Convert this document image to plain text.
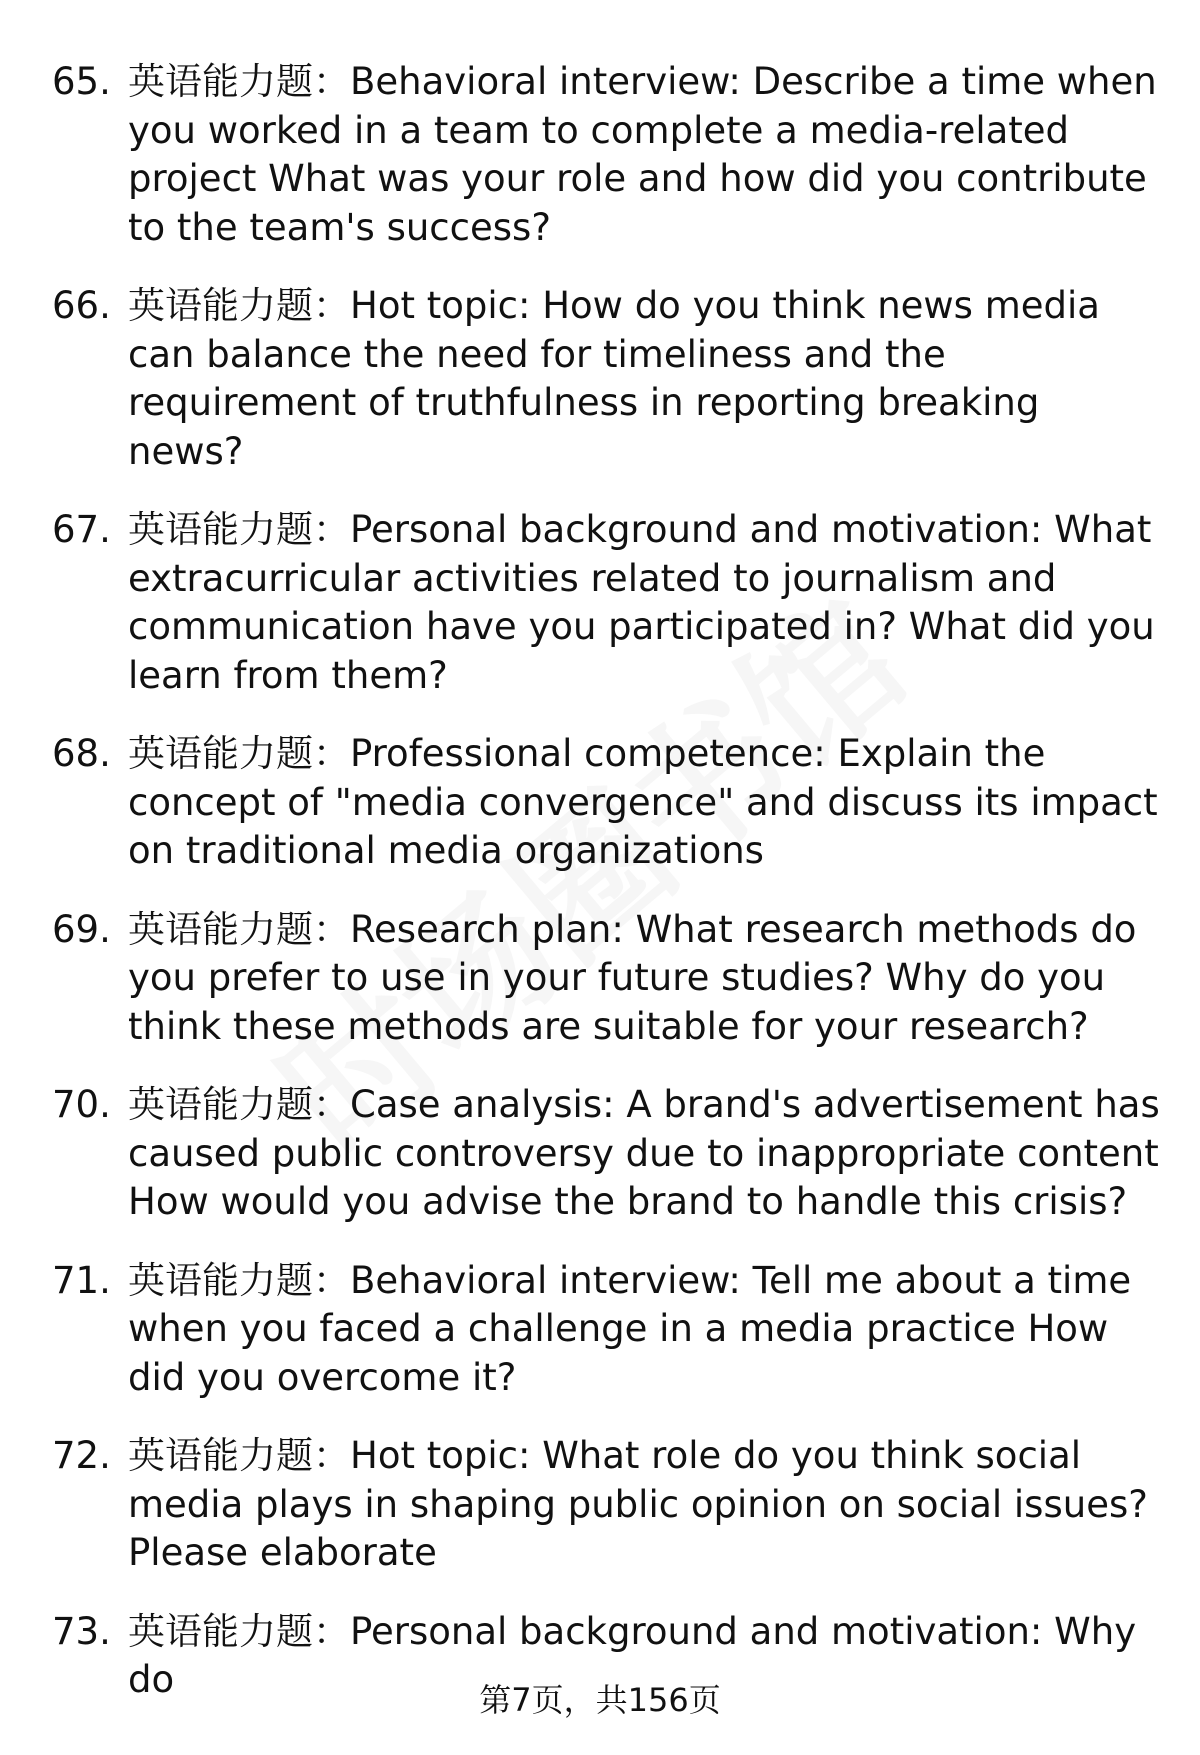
65. 英语能力题：Behavioral interview: Describe a time when you worked in a team to complete a media-related project What was your role and how did you contribute to the team's success?
66. 英语能力题：Hot topic: How do you think news media can balance the need for timeliness and the requirement of truthfulness in reporting breaking news?
67. 英语能力题：Personal background and motivation: What extracurricular activities related to journalism and communication have you participated in? What did you learn from them?
68. 英语能力题：Professional competence: Explain the concept of "media convergence" and discuss its impact on traditional media organizations
69. 英语能力题：Research plan: What research methods do you prefer to use in your future studies? Why do you think these methods are suitable for your research?
70. 英语能力题：Case analysis: A brand's advertisement has caused public controversy due to inappropriate content How would you advise the brand to handle this crisis?
71. 英语能力题：Behavioral interview: Tell me about a time when you faced a challenge in a media practice How did you overcome it?
72. 英语能力题：Hot topic: What role do you think social media plays in shaping public opinion on social issues? Please elaborate
73. 英语能力题：Personal background and motivation: Why do	第7页，共156页
